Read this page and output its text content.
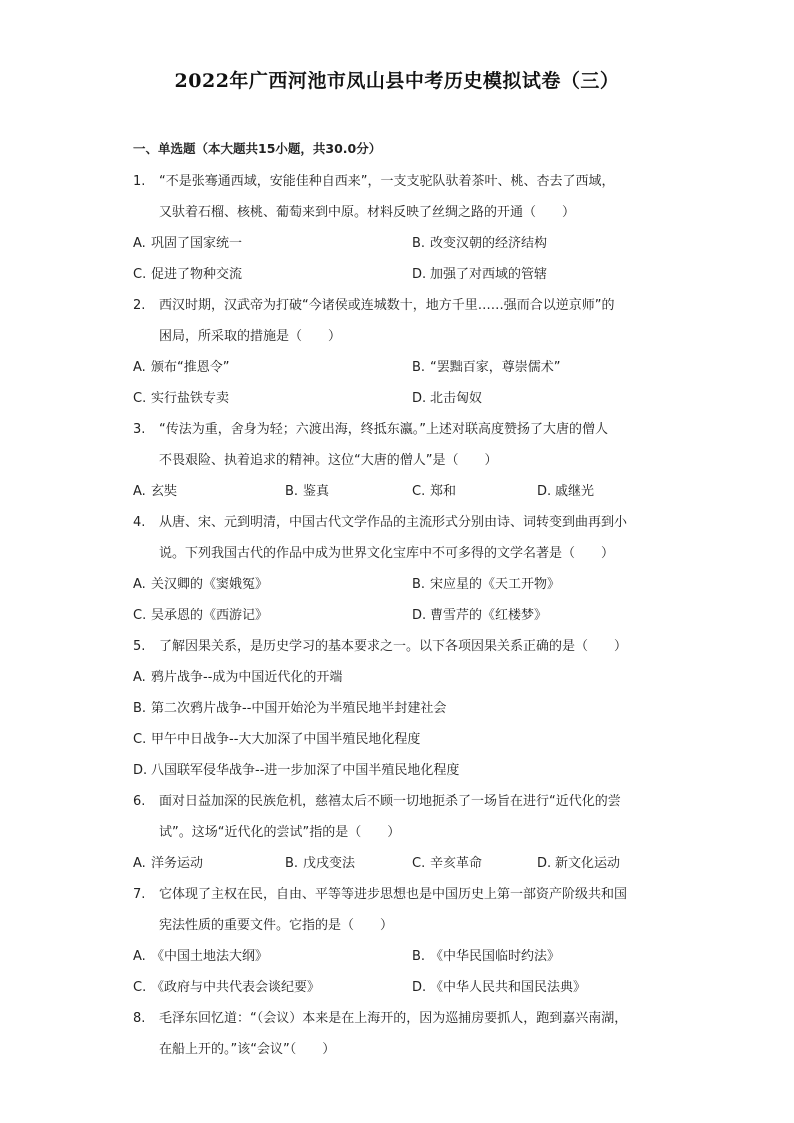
2022年广西河池市凤山县中考历史模拟试卷（三）
一、单选题（本大题共15小题，共30.0分）
1. “不是张骞通西域，安能佳种自西来”，一支支驼队驮着茶叶、桃、杏去了西域，
又驮着石榴、核桃、葡萄来到中原。材料反映了丝绸之路的开通（　　）
A. 巩固了国家统一	B. 改变汉朝的经济结构
C. 促进了物种交流	D. 加强了对西域的管辖
2. 西汉时期，汉武帝为打破“今诸侯或连城数十，地方千里……强而合以逆京师”的
困局，所采取的措施是（　　）
A. 颁布“推恩令”	B. “罢黜百家，尊崇儒术”
C. 实行盐铁专卖	D. 北击匈奴
3. “传法为重，舍身为轻；六渡出海，终抵东瀛。”上述对联高度赞扬了大唐的僧人
不畏艰险、执着追求的精神。这位“大唐的僧人”是（　　）
A. 玄奘	B. 鉴真	C. 郑和	D. 戚继光
4. 从唐、宋、元到明清，中国古代文学作品的主流形式分别由诗、词转变到曲再到小
说。下列我国古代的作品中成为世界文化宝库中不可多得的文学名著是（　　）
A. 关汉卿的《窦娥冤》	B. 宋应星的《天工开物》
C. 吴承恩的《西游记》	D. 曹雪芹的《红楼梦》
5. 了解因果关系，是历史学习的基本要求之一。以下各项因果关系正确的是（　　）
A. 鸦片战争--成为中国近代化的开端
B. 第二次鸦片战争--中国开始沦为半殖民地半封建社会
C. 甲午中日战争--大大加深了中国半殖民地化程度
D. 八国联军侵华战争--进一步加深了中国半殖民地化程度
6. 面对日益加深的民族危机，慈禧太后不顾一切地扼杀了一场旨在进行“近代化的尝
试”。这场“近代化的尝试”指的是（　　）
A. 洋务运动	B. 戊戌变法	C. 辛亥革命	D. 新文化运动
7. 它体现了主权在民，自由、平等等进步思想也是中国历史上第一部资产阶级共和国
宪法性质的重要文件。它指的是（　　）
A. 《中国土地法大纲》	B. 《中华民国临时约法》
C. 《政府与中共代表会谈纪要》	D. 《中华人民共和国民法典》
8. 毛泽东回忆道：“（会议）本来是在上海开的，因为巡捕房要抓人，跑到嘉兴南湖，
在船上开的。”该“会议”（　　）
